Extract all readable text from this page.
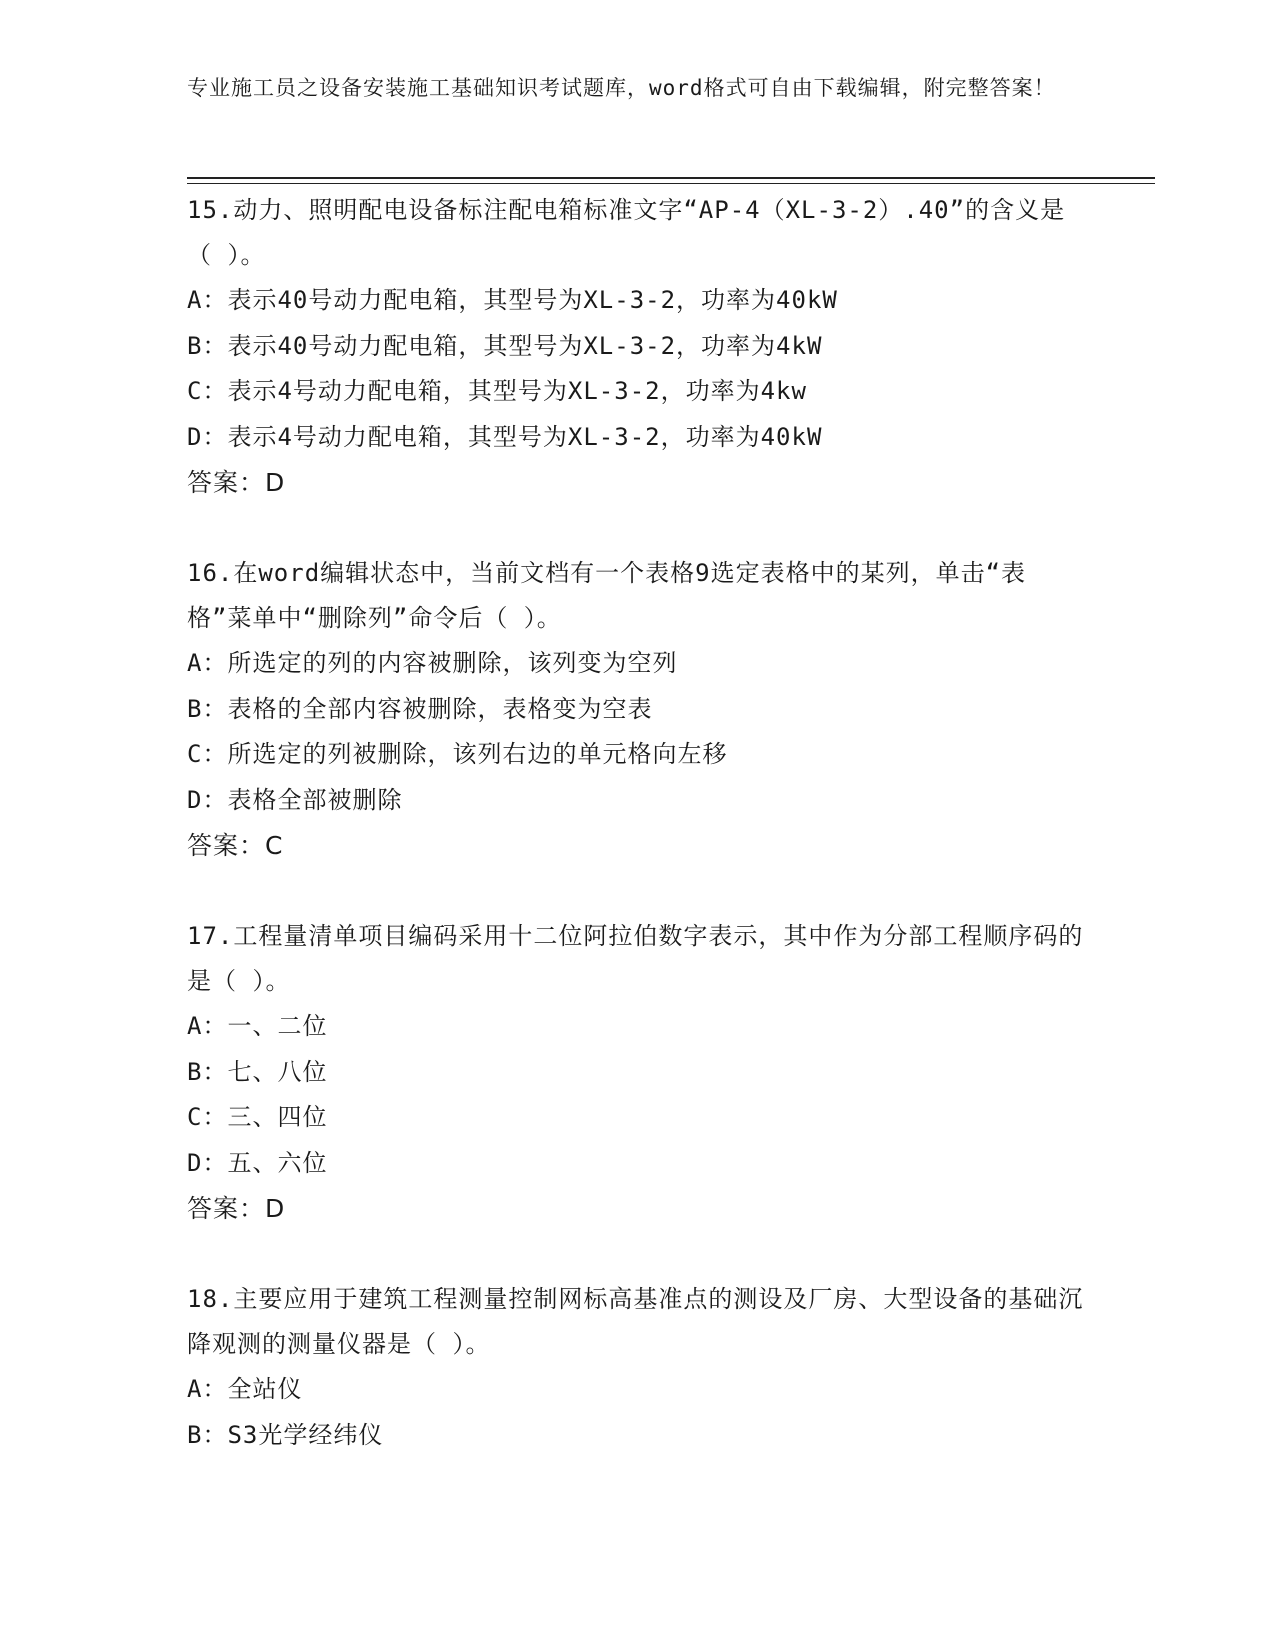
专业施工员之设备安装施工基础知识考试题库，word格式可自由下载编辑，附完整答案！
15.动力、照明配电设备标注配电箱标准文字“AP-4（XL-3-2）.40”的含义是（ ）。
A：表示40号动力配电箱，其型号为XL-3-2，功率为40kW
B：表示40号动力配电箱，其型号为XL-3-2，功率为4kW
C：表示4号动力配电箱，其型号为XL-3-2，功率为4kw
D：表示4号动力配电箱，其型号为XL-3-2，功率为40kW
答案：D
16.在word编辑状态中，当前文档有一个表格9选定表格中的某列，单击“表格”菜单中“删除列”命令后（ ）。
A：所选定的列的内容被删除，该列变为空列
B：表格的全部内容被删除，表格变为空表
C：所选定的列被删除，该列右边的单元格向左移
D：表格全部被删除
答案：C
17.工程量清单项目编码采用十二位阿拉伯数字表示，其中作为分部工程顺序码的是（ ）。
A：一、二位
B：七、八位
C：三、四位
D：五、六位
答案：D
18.主要应用于建筑工程测量控制网标高基准点的测设及厂房、大型设备的基础沉降观测的测量仪器是（ ）。
A：全站仪
B：S3光学经纬仪
